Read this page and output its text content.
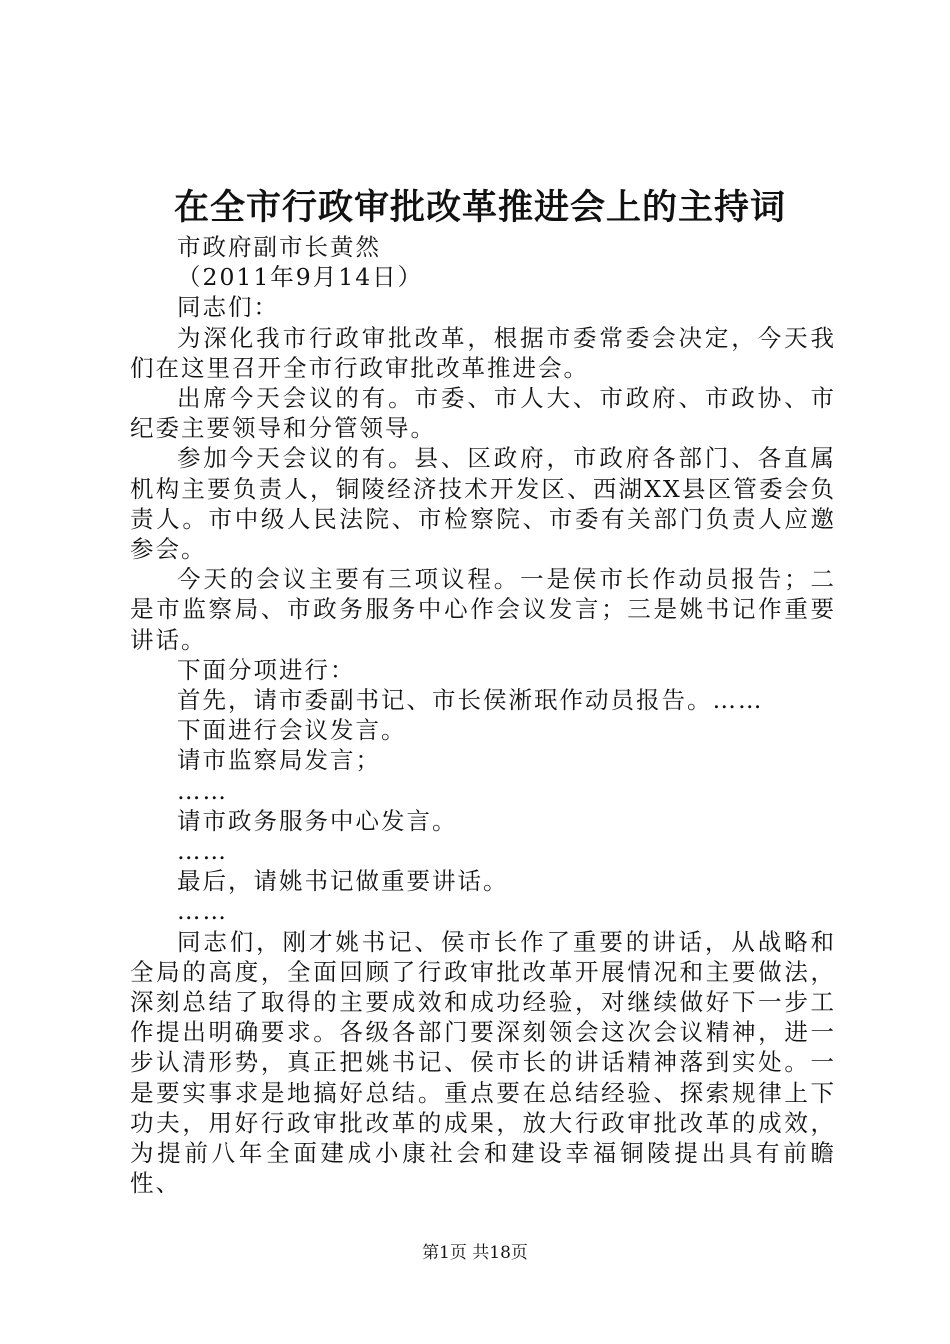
在全市行政审批改革推进会上的主持词

市政府副市长黄然

（2011年9月14日）

同志们：

为深化我市行政审批改革，根据市委常委会决定，今天我们在这里召开全市行政审批改革推进会。

出席今天会议的有。市委、市人大、市政府、市政协、市纪委主要领导和分管领导。

参加今天会议的有。县、区政府，市政府各部门、各直属机构主要负责人，铜陵经济技术开发区、西湖XX县区管委会负责人。市中级人民法院、市检察院、市委有关部门负责人应邀参会。

今天的会议主要有三项议程。一是侯市长作动员报告；二是市监察局、市政务服务中心作会议发言；三是姚书记作重要讲话。

下面分项进行：

首先，请市委副书记、市长侯淅珉作动员报告。……

下面进行会议发言。

请市监察局发言；

……

请市政务服务中心发言。

……

最后，请姚书记做重要讲话。

……

同志们，刚才姚书记、侯市长作了重要的讲话，从战略和全局的高度，全面回顾了行政审批改革开展情况和主要做法，深刻总结了取得的主要成效和成功经验，对继续做好下一步工作提出明确要求。各级各部门要深刻领会这次会议精神，进一步认清形势，真正把姚书记、侯市长的讲话精神落到实处。一是要实事求是地搞好总结。重点要在总结经验、探索规律上下功夫，用好行政审批改革的成果，放大行政审批改革的成效，为提前八年全面建成小康社会和建设幸福铜陵提出具有前瞻性、

第1页 共18页
